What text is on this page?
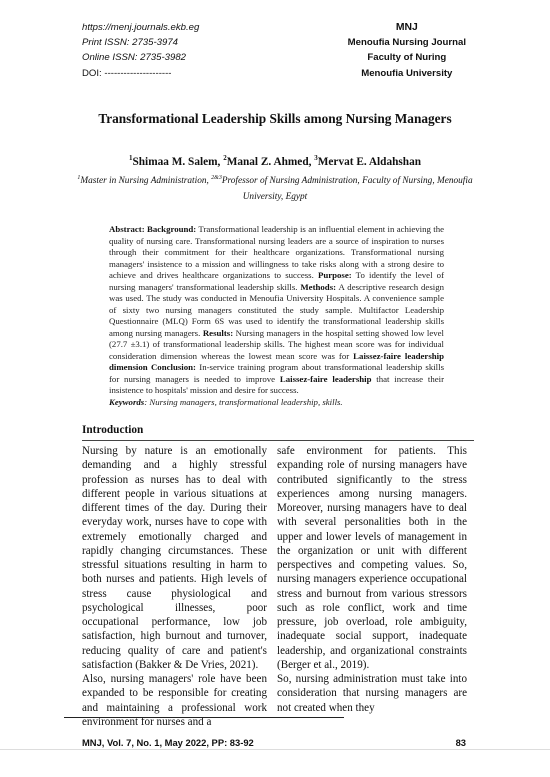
https://menj.journals.ekb.eg
Print ISSN: 2735-3974
Online ISSN: 2735-3982
DOI: ---------------------
MNJ
Menoufia Nursing Journal
Faculty of Nuring
Menoufia University
Transformational Leadership Skills among Nursing Managers
$^1$Shimaa M. Salem, $^2$Manal Z. Ahmed, $^3$Mervat E. Aldahshan
$^1$Master in Nursing Administration, $^{2\&3}$Professor of Nursing Administration, Faculty of Nursing, Menoufia University, Egypt
Abstract: Background: Transformational leadership is an influential element in achieving the quality of nursing care. Transformational nursing leaders are a source of inspiration to nurses through their commitment for their healthcare organizations. Transformational nursing managers' insistence to a mission and willingness to take risks along with a strong desire to achieve and drives healthcare organizations to success. Purpose: To identify the level of nursing managers' transformational leadership skills. Methods: A descriptive research design was used. The study was conducted in Menoufia University Hospitals. A convenience sample of sixty two nursing managers constituted the study sample. Multifactor Leadership Questionnaire (MLQ) Form 6S was used to identify the transformational leadership skills among nursing managers. Results: Nursing managers in the hospital setting showed low level (27.7 ±3.1) of transformational leadership skills. The highest mean score was for individual consideration dimension whereas the lowest mean score was for Laissez-faire leadership dimension Conclusion: In-service training program about transformational leadership skills for nursing managers is needed to improve Laissez-faire leadership that increase their insistence to hospitals' mission and desire for success.
Keywords: Nursing managers, transformational leadership, skills.
Introduction

Nursing by nature is an emotionally demanding and a highly stressful profession as nurses has to deal with different people in various situations at different times of the day. During their everyday work, nurses have to cope with extremely emotionally charged and rapidly changing circumstances. These stressful situations resulting in harm to both nurses and patients. High levels of stress cause physiological and psychological illnesses, poor occupational performance, low job satisfaction, high burnout and turnover, reducing quality of care and patient's satisfaction (Bakker & De Vries, 2021).

Also, nursing managers' role have been expanded to be responsible for creating and maintaining a professional work environment for nurses and a

safe environment for patients. This expanding role of nursing managers have contributed significantly to the stress experiences among nursing managers. Moreover, nursing managers have to deal with several personalities both in the upper and lower levels of management in the organization or unit with different perspectives and competing values. So, nursing managers experience occupational stress and burnout from various stressors such as role conflict, work and time pressure, job overload, role ambiguity, inadequate social support, inadequate leadership, and organizational constraints (Berger et al., 2019).

So, nursing administration must take into consideration that nursing managers are not created when they

MNJ, Vol. 7, No. 1, May 2022, PP: 83-92	83
